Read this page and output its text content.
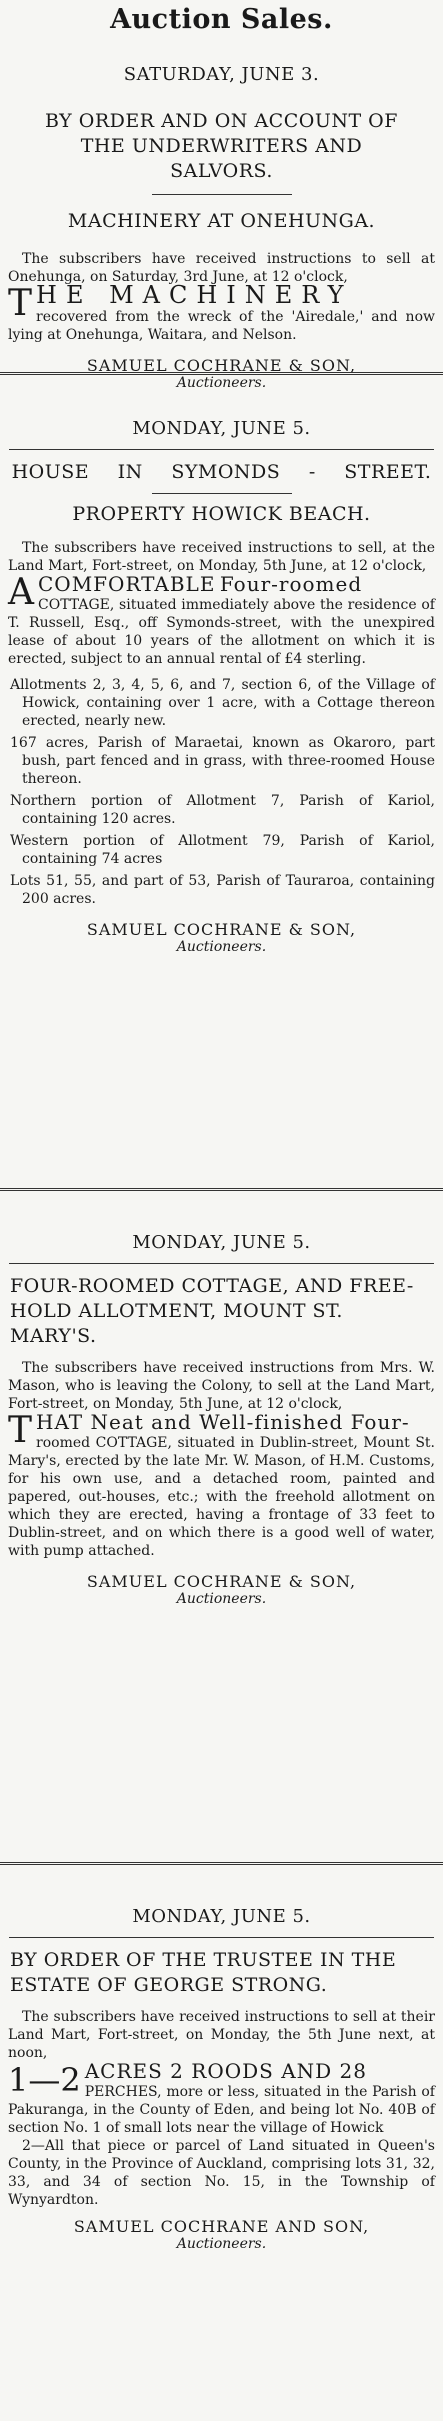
Auction Sales.
SATURDAY, JUNE 3.
BY ORDER AND ON ACCOUNT OF
THE UNDERWRITERS AND
SALVORS.
MACHINERY AT ONEHUNGA.
The subscribers have received instructions to sell at Onehunga, on Saturday, 3rd June, at 12 o'clock,
T HE MACHINERY
recovered from the wreck of the 'Airedale,' and now lying at Onehunga, Waitara, and Nelson.
SAMUEL COCHRANE & SON,
Auctioneers.
MONDAY, JUNE 5.
HOUSE IN SYMONDS - STREET.
PROPERTY HOWICK BEACH.
The subscribers have received instructions to sell, at the Land Mart, Fort-street, on Monday, 5th June, at 12 o'clock,
A COMFORTABLE Four-roomed
COTTAGE, situated immediately above the residence of T. Russell, Esq., off Symonds-street, with the unexpired lease of about 10 years of the allotment on which it is erected, subject to an annual rental of £4 sterling.
Allotments 2, 3, 4, 5, 6, and 7, section 6, of the Village of Howick, containing over 1 acre, with a Cottage thereon erected, nearly new.
167 acres, Parish of Maraetai, known as Okaroro, part bush, part fenced and in grass, with three-roomed House thereon.
Northern portion of Allotment 7, Parish of Kariol, containing 120 acres.
Western portion of Allotment 79, Parish of Kariol, containing 74 acres
Lots 51, 55, and part of 53, Parish of Tauraroa, containing 200 acres.
SAMUEL COCHRANE & SON,
Auctioneers.
MONDAY, JUNE 5.
FOUR-ROOMED COTTAGE, AND FREE-
HOLD ALLOTMENT, MOUNT ST.
MARY'S.
The subscribers have received instructions from Mrs. W. Mason, who is leaving the Colony, to sell at the Land Mart, Fort-street, on Monday, 5th June, at 12 o'clock,
T HAT Neat and Well-finished Four-
roomed COTTAGE, situated in Dublin-street, Mount St. Mary's, erected by the late Mr. W. Mason, of H.M. Customs, for his own use, and a detached room, painted and papered, out-houses, etc.; with the freehold allotment on which they are erected, having a frontage of 33 feet to Dublin-street, and on which there is a good well of water, with pump attached.
SAMUEL COCHRANE & SON,
Auctioneers.
MONDAY, JUNE 5.
BY ORDER OF THE TRUSTEE IN THE
ESTATE OF GEORGE STRONG.
The subscribers have received instructions to sell at their Land Mart, Fort-street, on Monday, the 5th June next, at noon,
1—2 ACRES 2 ROODS AND 28
PERCHES, more or less, situated in the Parish of Pakuranga, in the County of Eden, and being lot No. 40B of section No. 1 of small lots near the village of Howick
2—All that piece or parcel of Land situated in Queen's County, in the Province of Auckland, comprising lots 31, 32, 33, and 34 of section No. 15, in the Township of Wynyardton.
SAMUEL COCHRANE AND SON,
Auctioneers.
